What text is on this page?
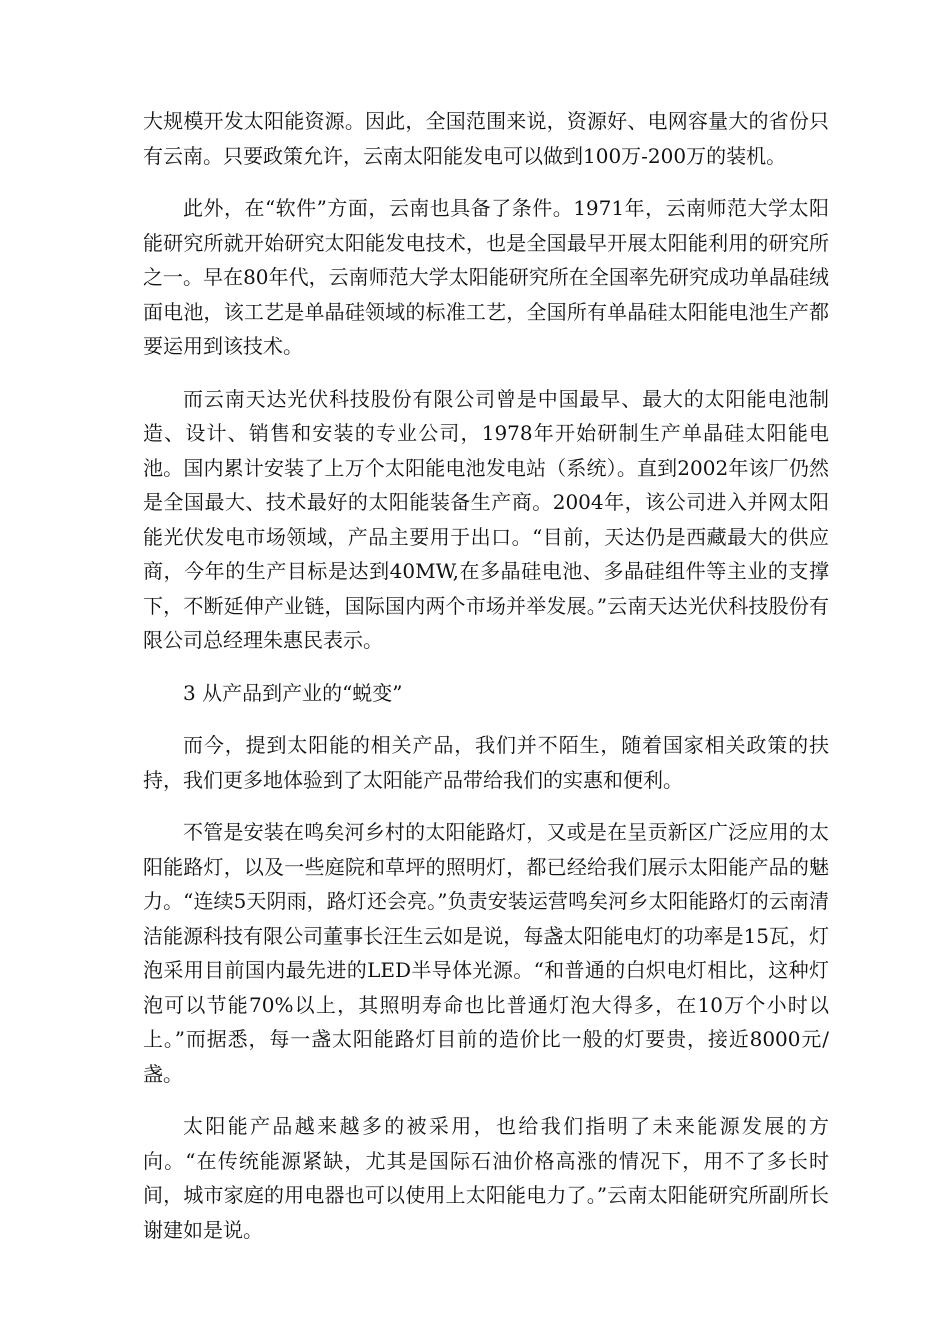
大规模开发太阳能资源。因此，全国范围来说，资源好、电网容量大的省份只有云南。只要政策允许，云南太阳能发电可以做到100万-200万的装机。

此外，在“软件”方面，云南也具备了条件。1971年，云南师范大学太阳能研究所就开始研究太阳能发电技术，也是全国最早开展太阳能利用的研究所之一。早在80年代，云南师范大学太阳能研究所在全国率先研究成功单晶硅绒面电池，该工艺是单晶硅领域的标准工艺，全国所有单晶硅太阳能电池生产都要运用到该技术。

而云南天达光伏科技股份有限公司曾是中国最早、最大的太阳能电池制造、设计、销售和安装的专业公司，1978年开始研制生产单晶硅太阳能电池。国内累计安装了上万个太阳能电池发电站（系统）。直到2002年该厂仍然是全国最大、技术最好的太阳能装备生产商。2004年，该公司进入并网太阳能光伏发电市场领域，产品主要用于出口。“目前，天达仍是西藏最大的供应商，今年的生产目标是达到40MW,在多晶硅电池、多晶硅组件等主业的支撑下，不断延伸产业链，国际国内两个市场并举发展。”云南天达光伏科技股份有限公司总经理朱惠民表示。

3 从产品到产业的“蜕变”

而今，提到太阳能的相关产品，我们并不陌生，随着国家相关政策的扶持，我们更多地体验到了太阳能产品带给我们的实惠和便利。

不管是安装在鸣矣河乡村的太阳能路灯，又或是在呈贡新区广泛应用的太阳能路灯，以及一些庭院和草坪的照明灯，都已经给我们展示太阳能产品的魅力。“连续5天阴雨，路灯还会亮。”负责安装运营鸣矣河乡太阳能路灯的云南清洁能源科技有限公司董事长汪生云如是说，每盏太阳能电灯的功率是15瓦，灯泡采用目前国内最先进的LED半导体光源。“和普通的白炽电灯相比，这种灯泡可以节能70%以上，其照明寿命也比普通灯泡大得多，在10万个小时以上。”而据悉，每一盏太阳能路灯目前的造价比一般的灯要贵，接近8000元/盏。

太阳能产品越来越多的被采用，也给我们指明了未来能源发展的方向。“在传统能源紧缺，尤其是国际石油价格高涨的情况下，用不了多长时间，城市家庭的用电器也可以使用上太阳能电力了。”云南太阳能研究所副所长谢建如是说。
